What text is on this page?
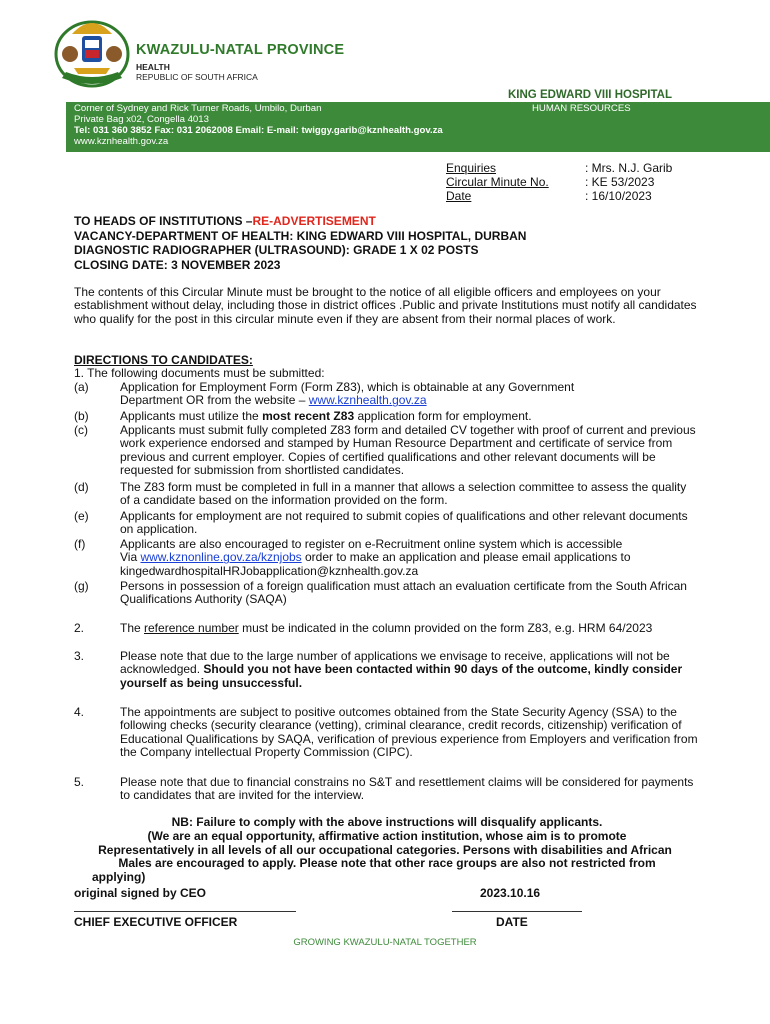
KWAZULU-NATAL PROVINCE
HEALTH
REPUBLIC OF SOUTH AFRICA
KING EDWARD VIII HOSPITAL
Corner of Sydney and Rick Turner Roads, Umbilo, Durban
Private Bag x02, Congella 4013
Tel: 031 360 3852 Fax: 031 2062008 Email: E-mail: twiggy.garib@kznhealth.gov.za
www.kznhealth.gov.za
HUMAN RESOURCES
Enquiries	: Mrs. N.J. Garib
Circular Minute No.	: KE 53/2023
Date	: 16/10/2023
TO HEADS OF INSTITUTIONS –RE-ADVERTISEMENT
VACANCY-DEPARTMENT OF HEALTH: KING EDWARD VIII HOSPITAL, DURBAN
DIAGNOSTIC RADIOGRAPHER (ULTRASOUND): GRADE 1 X 02 POSTS
CLOSING DATE: 3 NOVEMBER 2023
The contents of this Circular Minute must be brought to the notice of all eligible officers and employees on your establishment without delay, including those in district offices .Public and private Institutions must notify all candidates who qualify for the post in this circular minute even if they are absent from their normal places of work.
DIRECTIONS TO CANDIDATES:
1. The following documents must be submitted:
(a)	Application for Employment Form (Form Z83), which is obtainable at any Government
Department OR from the website – www.kznhealth.gov.za
(b)	Applicants must utilize the most recent Z83 application form for employment.
(c)	Applicants must submit fully completed Z83 form and detailed CV together with proof of current and previous work experience endorsed and stamped by Human Resource Department and certificate of service from previous and current employer. Copies of certified qualifications and other relevant documents will be requested for submission from shortlisted candidates.
(d)	The Z83 form must be completed in full in a manner that allows a selection committee to assess the quality of a candidate based on the information provided on the form.
(e)	Applicants for employment are not required to submit copies of qualifications and other relevant documents on application.
(f)	Applicants are also encouraged to register on e-Recruitment online system which is accessible
Via www.kznonline.gov.za/kznjobs order to make an application and please email applications to
kingedwardhospitalHRJobapplication@kznhealth.gov.za
(g)	Persons in possession of a foreign qualification must attach an evaluation certificate from the South African Qualifications Authority (SAQA)
2.	The reference number must be indicated in the column provided on the form Z83, e.g. HRM 64/2023
3.	Please note that due to the large number of applications we envisage to receive, applications will not be acknowledged. Should you not have been contacted within 90 days of the outcome, kindly consider yourself as being unsuccessful.
4.	The appointments are subject to positive outcomes obtained from the State Security Agency (SSA) to the following checks (security clearance (vetting), criminal clearance, credit records, citizenship) verification of Educational Qualifications by SAQA, verification of previous experience from Employers and verification from the Company intellectual Property Commission (CIPC).
5.	Please note that due to financial constrains no S&T and resettlement claims will be considered for payments to candidates that are invited for the interview.
NB: Failure to comply with the above instructions will disqualify applicants.
(We are an equal opportunity, affirmative action institution, whose aim is to promote
Representatively in all levels of all our occupational categories. Persons with disabilities and African
Males are encouraged to apply. Please note that other race groups are also not restricted from
applying)
original signed by CEO	2023.10.16
CHIEF EXECUTIVE OFFICER	DATE
GROWING KWAZULU-NATAL TOGETHER
